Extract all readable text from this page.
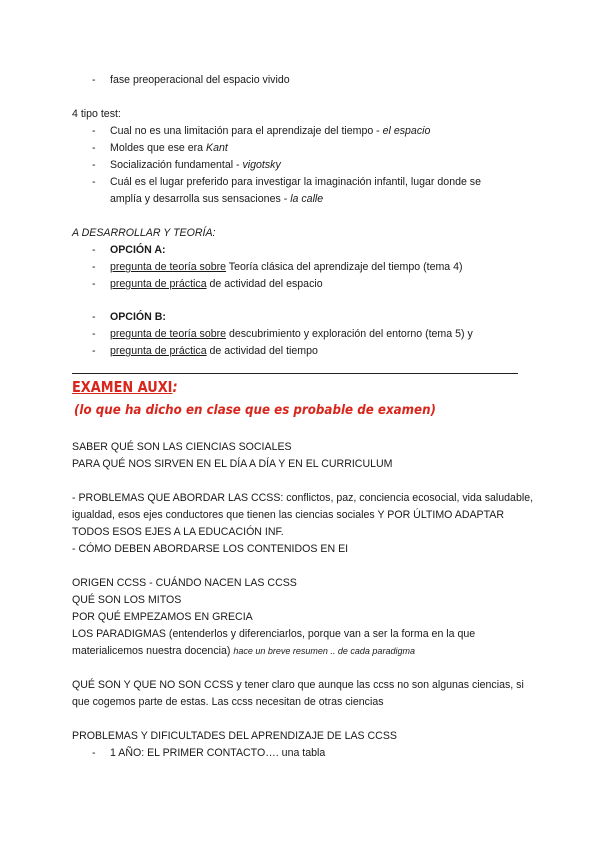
- fase preoperacional del espacio vivido
4 tipo test:
- Cual no es una limitación para el aprendizaje del tiempo - el espacio
- Moldes que ese era Kant
- Socialización fundamental - vigotsky
- Cuál es el lugar preferido para investigar la imaginación infantil, lugar donde se
amplía y desarrolla sus sensaciones - la calle
A DESARROLLAR Y TEORÍA:
- OPCIÓN A:
- pregunta de teoría sobre Teoría clásica del aprendizaje del tiempo (tema 4)
- pregunta de práctica de actividad del espacio
- OPCIÓN B:
- pregunta de teoría sobre descubrimiento y exploración del entorno (tema 5) y
- pregunta de práctica de actividad del tiempo
EXAMEN AUXI:
(lo que ha dicho en clase que es probable de examen)
SABER QUÉ SON LAS CIENCIAS SOCIALES
PARA QUÉ NOS SIRVEN EN EL DÍA A DÍA Y EN EL CURRICULUM
- PROBLEMAS QUE ABORDAR LAS CCSS: conflictos, paz, conciencia ecosocial, vida saludable,
igualdad, esos ejes conductores que tienen las ciencias sociales Y POR ÚLTIMO ADAPTAR
TODOS ESOS EJES A LA EDUCACIÓN INF.
- CÓMO DEBEN ABORDARSE LOS CONTENIDOS EN EI
ORIGEN CCSS - CUÁNDO NACEN LAS CCSS
QUÉ SON LOS MITOS
POR QUÉ EMPEZAMOS EN GRECIA
LOS PARADIGMAS (entenderlos y diferenciarlos, porque van a ser la forma en la que
materialicemos nuestra docencia) hace un breve resumen .. de cada paradigma
QUÉ SON Y QUE NO SON CCSS y tener claro que aunque las ccss no son algunas ciencias, si
que cogemos parte de estas. Las ccss necesitan de otras ciencias
PROBLEMAS Y DIFICULTADES DEL APRENDIZAJE DE LAS CCSS
- 1 AÑO: EL PRIMER CONTACTO…. una tabla
